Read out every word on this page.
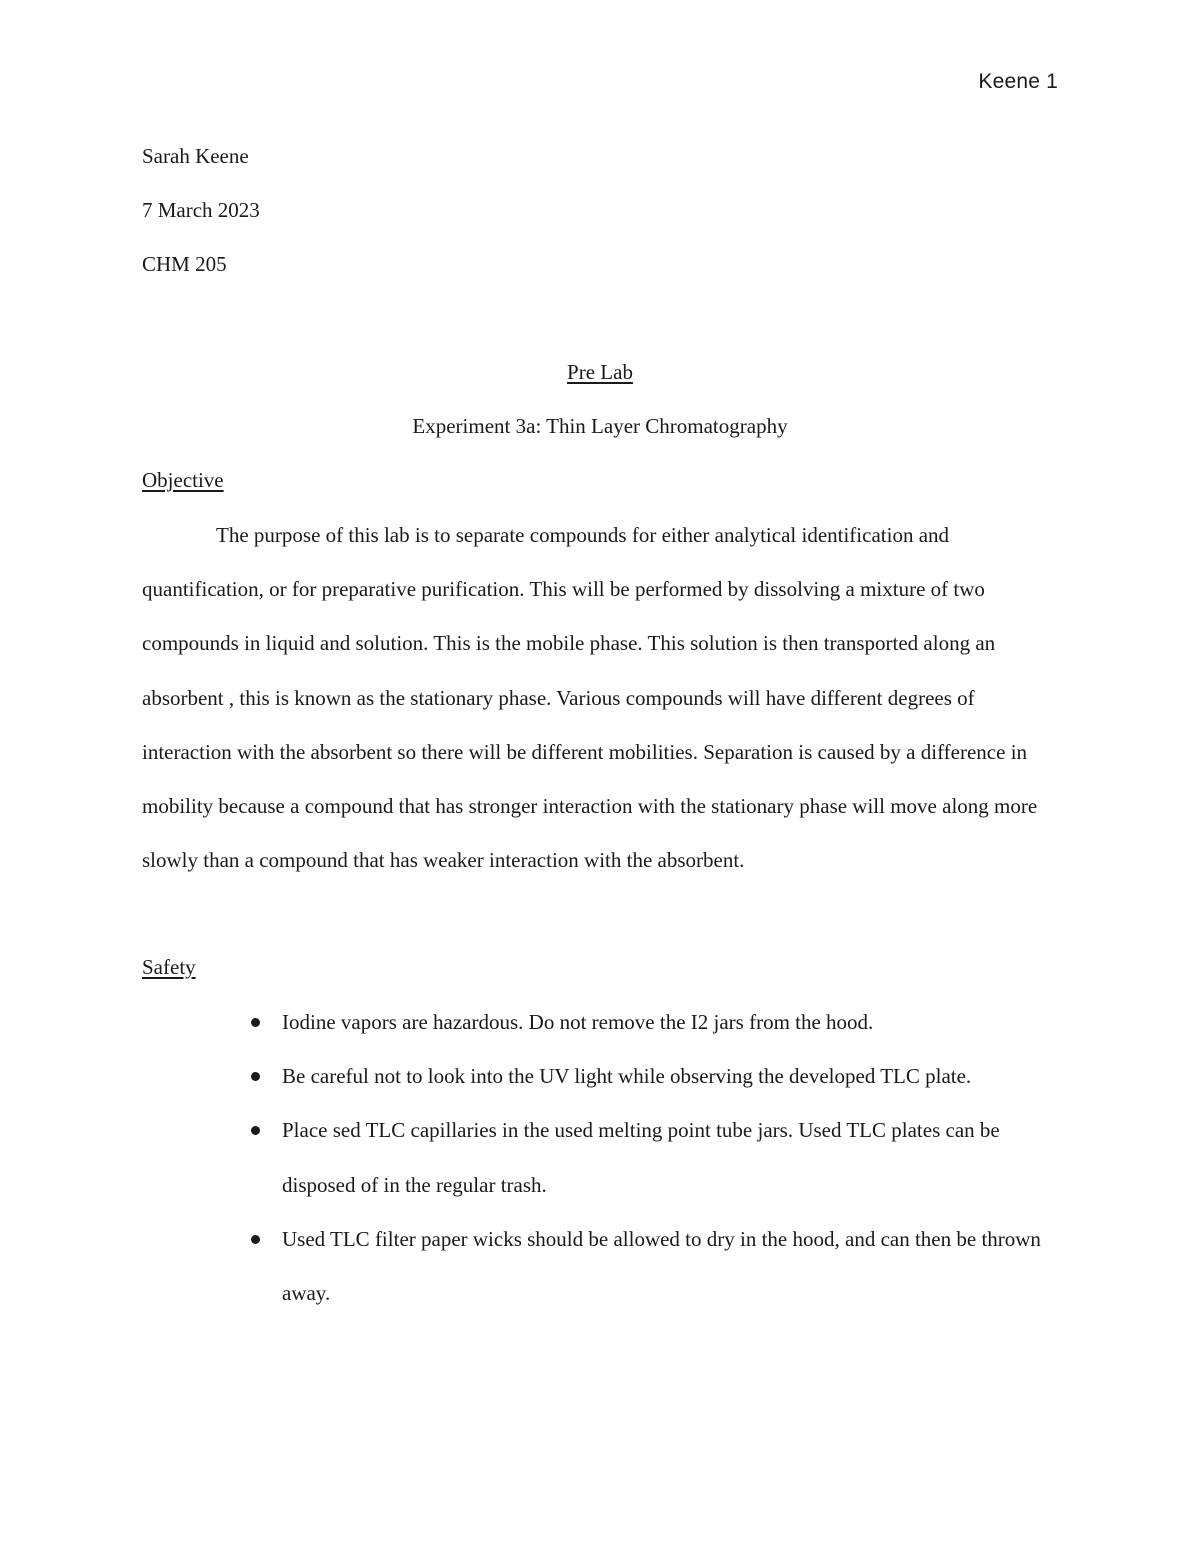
Keene 1
Sarah Keene
7 March 2023
CHM 205
Pre Lab
Experiment 3a: Thin Layer Chromatography
Objective
The purpose of this lab is to separate compounds for either analytical identification and quantification, or for preparative purification. This will be performed by dissolving a mixture of two compounds in liquid and solution. This is the mobile phase. This solution is then transported along an absorbent , this is known as the stationary phase. Various compounds will have different degrees of interaction with the absorbent so there will be different mobilities. Separation is caused by a difference in mobility because a compound that has stronger interaction with the stationary phase will move along more slowly than a compound that has weaker interaction with the absorbent.
Safety
Iodine vapors are hazardous. Do not remove the I2 jars from the hood.
Be careful not to look into the UV light while observing the developed TLC plate.
Place sed TLC capillaries in the used melting point tube jars. Used TLC plates can be disposed of in the regular trash.
Used TLC filter paper wicks should be allowed to dry in the hood, and can then be thrown away.
